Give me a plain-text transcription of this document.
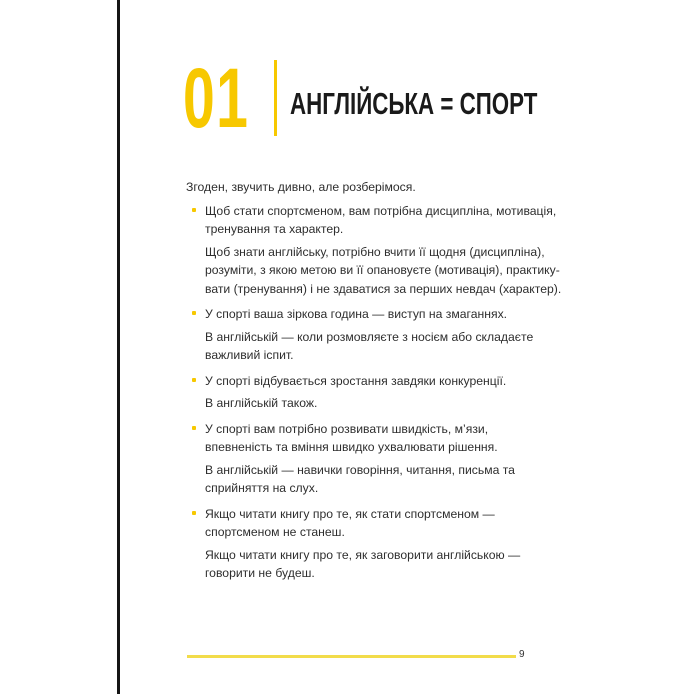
01 АНГЛІЙСЬКА = СПОРТ

Згоден, звучить дивно, але розберімося.

Щоб стати спортсменом, вам потрібна дисципліна, мотивація,
тренування та характер.

Щоб знати англійську, потрібно вчити її щодня (дисципліна),
розуміти, з якою метою ви її опановуєте (мотивація), практику-
вати (тренування) і не здаватися за перших невдач (характер).

У спорті ваша зіркова година — виступ на змаганнях.

В англійській — коли розмовляєте з носієм або складаєте
важливий іспит.

У спорті відбувається зростання завдяки конкуренції.

В англійській також.

У спорті вам потрібно розвивати швидкість, м’язи,
впевненість та вміння швидко ухвалювати рішення.

В англійській — навички говоріння, читання, письма та
сприйняття на слух.

Якщо читати книгу про те, як стати спортсменом —
спортсменом не станеш.

Якщо читати книгу про те, як заговорити англійською —
говорити не будеш.

9
